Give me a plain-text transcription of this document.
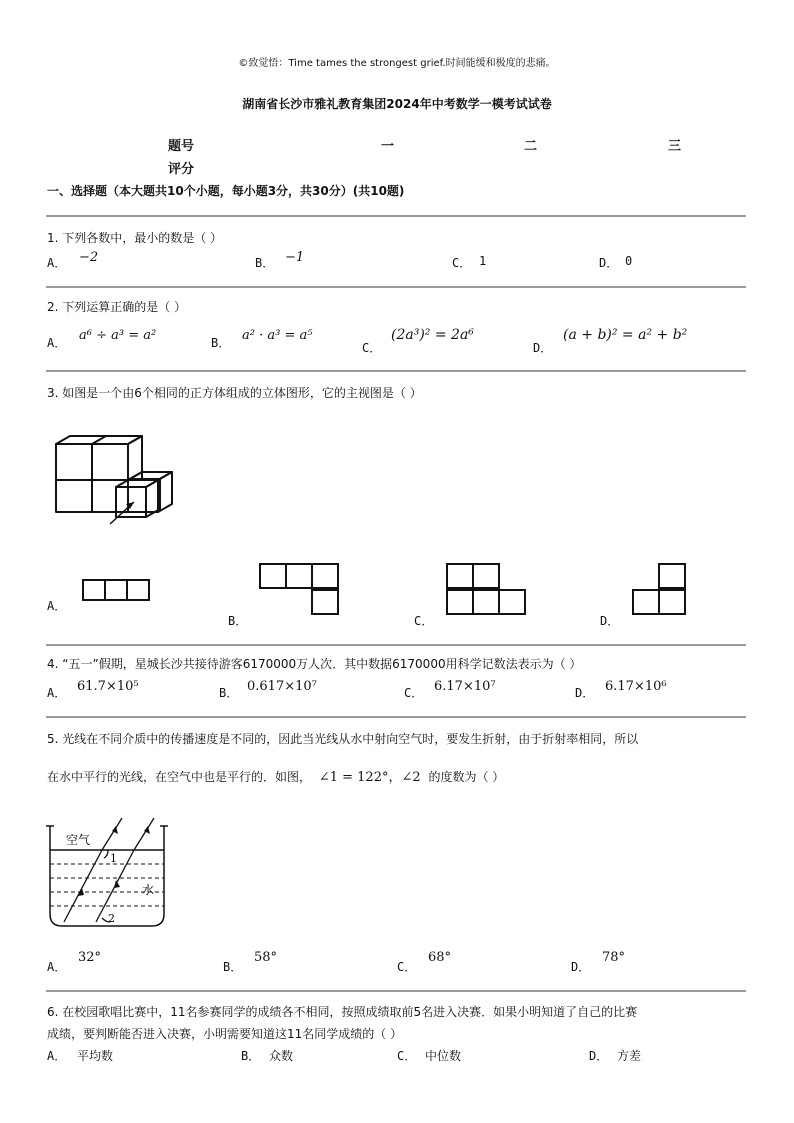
©致觉悟：Time tames the strongest grief.时间能缓和极度的悲痛。
湖南省长沙市雅礼教育集团2024年中考数学一模考试试卷
题号	一	二	三
评分
一、选择题（本大题共10个小题，每小题3分，共30分）(共10题)
1. 下列各数中，最小的数是（ ）
A． −2	B． −1	C． 1	D． 0
2. 下列运算正确的是（ ）
A． a⁶ ÷ a³ = a²	B． a² · a³ = a⁵
C．
(2a³)² = 2a⁶
D．
(a + b)² = a² + b²
3. 如图是一个由6个相同的正方体组成的立体图形，它的主视图是（ ）
A．
B．	C．	D．
4. “五一”假期，星城长沙共接待游客6170000万人次．其中数据6170000用科学记数法表示为（ ）
A． 61.7×10⁵	B． 0.617×10⁷	C． 6.17×10⁷	D． 6.17×10⁶
5. 光线在不同介质中的传播速度是不同的，因此当光线从水中射向空气时，要发生折射，由于折射率相同，所以
在水中平行的光线，在空气中也是平行的．如图， ∠1 = 122°，∠2 的度数为（ ）
空气
水
1
2
A．
32°
B．
58°
C．
68°
D．
78°
6. 在校园歌唱比赛中，11名参赛同学的成绩各不相同，按照成绩取前5名进入决赛．如果小明知道了自己的比赛
成绩，要判断能否进入决赛，小明需要知道这11名同学成绩的（ ）
A． 平均数	B． 众数	C． 中位数	D． 方差
